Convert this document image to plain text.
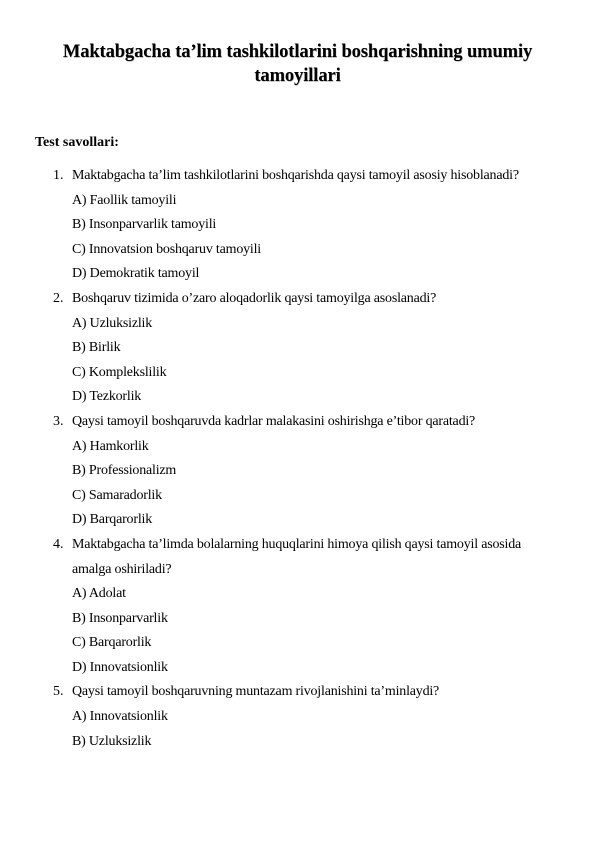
Maktabgacha ta’lim tashkilotlarini boshqarishning umumiy
tamoyillari
Test savollari:
1. Maktabgacha ta’lim tashkilotlarini boshqarishda qaysi tamoyil asosiy hisoblanadi?
A) Faollik tamoyili
B) Insonparvarlik tamoyili
C) Innovatsion boshqaruv tamoyili
D) Demokratik tamoyil
2. Boshqaruv tizimida o’zaro aloqadorlik qaysi tamoyilga asoslanadi?
A) Uzluksizlik
B) Birlik
C) Komplekslilik
D) Tezkorlik
3. Qaysi tamoyil boshqaruvda kadrlar malakasini oshirishga e’tibor qaratadi?
A) Hamkorlik
B) Professionalizm
C) Samaradorlik
D) Barqarorlik
4. Maktabgacha ta’limda bolalarning huquqlarini himoya qilish qaysi tamoyil asosida amalga oshiriladi?
A) Adolat
B) Insonparvarlik
C) Barqarorlik
D) Innovatsionlik
5. Qaysi tamoyil boshqaruvning muntazam rivojlanishini ta’minlaydi?
A) Innovatsionlik
B) Uzluksizlik
